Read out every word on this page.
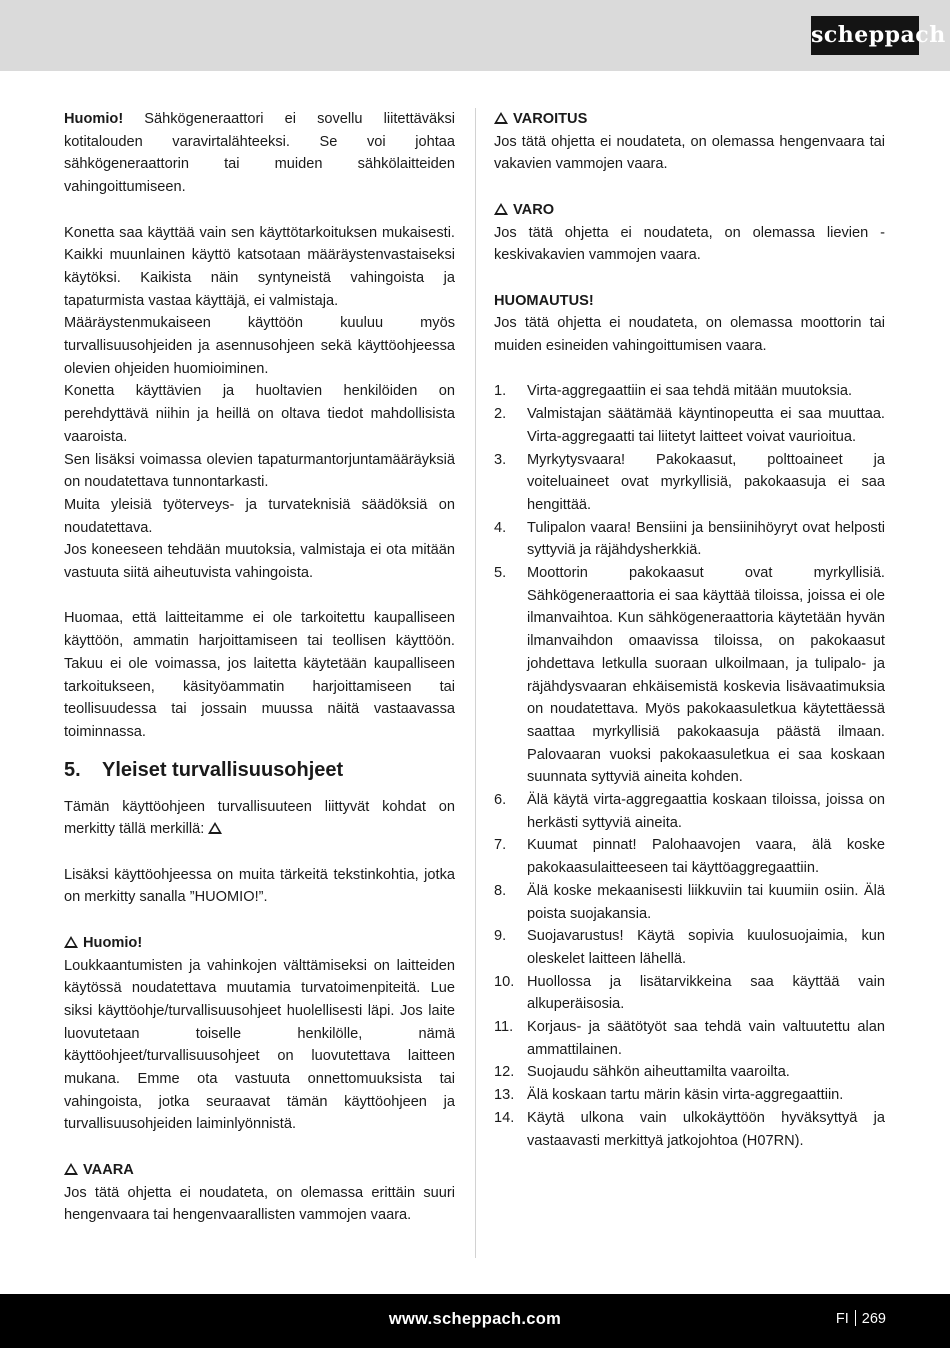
scheppach

Huomio! Sähkögeneraattori ei sovellu liitettäväksi kotitalouden varavirtalähteeksi. Se voi johtaa sähkögeneraattorin tai muiden sähkölaitteiden vahingoittumiseen.

Konetta saa käyttää vain sen käyttötarkoituksen mukaisesti. Kaikki muunlainen käyttö katsotaan määräystenvastaiseksi käytöksi. Kaikista näin syntyneistä vahingoista ja tapaturmista vastaa käyttäjä, ei valmistaja.

Määräystenmukaiseen käyttöön kuuluu myös turvallisuusohjeiden ja asennusohjeen sekä käyttöohjeessa olevien ohjeiden huomioiminen.

Konetta käyttävien ja huoltavien henkilöiden on perehdyttävä niihin ja heillä on oltava tiedot mahdollisista vaaroista.

Sen lisäksi voimassa olevien tapaturmantorjuntamääräyksiä on noudatettava tunnontarkasti.

Muita yleisiä työterveys- ja turvateknisiä säädöksiä on noudatettava.

Jos koneeseen tehdään muutoksia, valmistaja ei ota mitään vastuuta siitä aiheutuvista vahingoista.

Huomaa, että laitteitamme ei ole tarkoitettu kaupalliseen käyttöön, ammatin harjoittamiseen tai teollisen käyttöön. Takuu ei ole voimassa, jos laitetta käytetään kaupalliseen tarkoitukseen, käsityöammatin harjoittamiseen tai teollisuudessa tai jossain muussa näitä vastaavassa toiminnassa.

5.	Yleiset turvallisuusohjeet

Tämän käyttöohjeen turvallisuuteen liittyvät kohdat on merkitty tällä merkillä:

Lisäksi käyttöohjeessa on muita tärkeitä tekstinkohtia, jotka on merkitty sanalla ”HUOMIO!”.

Huomio!

Loukkaantumisten ja vahinkojen välttämiseksi on laitteiden käytössä noudatettava muutamia turvatoimenpiteitä. Lue siksi käyttöohje/turvallisuusohjeet huolellisesti läpi. Jos laite luovutetaan toiselle henkilölle, nämä käyttöohjeet/turvallisuusohjeet on luovutettava laitteen mukana. Emme ota vastuuta onnettomuuksista tai vahingoista, jotka seuraavat tämän käyttöohjeen ja turvallisuusohjeiden laiminlyönnistä.

VAARA

Jos tätä ohjetta ei noudateta, on olemassa erittäin suuri hengenvaara tai hengenvaarallisten vammojen vaara.

VAROITUS

Jos tätä ohjetta ei noudateta, on olemassa hengenvaara tai vakavien vammojen vaara.

VARO

Jos tätä ohjetta ei noudateta, on olemassa lievien - keskivakavien vammojen vaara.

HUOMAUTUS!

Jos tätä ohjetta ei noudateta, on olemassa moottorin tai muiden esineiden vahingoittumisen vaara.

1.	Virta-aggregaattiin ei saa tehdä mitään muutoksia.
2.	Valmistajan säätämää käyntinopeutta ei saa muuttaa. Virta-aggregaatti tai liitetyt laitteet voivat vaurioitua.
3.	Myrkytysvaara! Pakokaasut, polttoaineet ja voiteluaineet ovat myrkyllisiä, pakokaasuja ei saa hengittää.
4.	Tulipalon vaara! Bensiini ja bensiinihöyryt ovat helposti syttyviä ja räjähdysherkkiä.
5.	Moottorin pakokaasut ovat myrkyllisiä. Sähkögeneraattoria ei saa käyttää tiloissa, joissa ei ole ilmanvaihtoa. Kun sähkögeneraattoria käytetään hyvän ilmanvaihdon omaavissa tiloissa, on pakokaasut johdettava letkulla suoraan ulkoilmaan, ja tulipalo- ja räjähdysvaaran ehkäisemistä koskevia lisävaatimuksia on noudatettava. Myös pakokaasuletkua käytettäessä saattaa myrkyllisiä pakokaasuja päästä ilmaan. Palovaaran vuoksi pakokaasuletkua ei saa koskaan suunnata syttyviä aineita kohden.
6.	Älä käytä virta-aggregaattia koskaan tiloissa, joissa on herkästi syttyviä aineita.
7.	Kuumat pinnat! Palohaavojen vaara, älä koske pakokaasulaitteeseen tai käyttöaggregaattiin.
8.	Älä koske mekaanisesti liikkuviin tai kuumiin osiin. Älä poista suojakansia.
9.	Suojavarustus! Käytä sopivia kuulosuojaimia, kun oleskelet laitteen lähellä.
10. Huollossa ja lisätarvikkeina saa käyttää vain alkuperäisosia.
11. Korjaus- ja säätötyöt saa tehdä vain valtuutettu alan ammattilainen.
12. Suojaudu sähkön aiheuttamilta vaaroilta.
13. Älä koskaan tartu märin käsin virta-aggregaattiin.
14. Käytä ulkona vain ulkokäyttöön hyväksyttyä ja vastaavasti merkittyä jatkojohtoa (H07RN).
www.scheppach.com	FI 269
